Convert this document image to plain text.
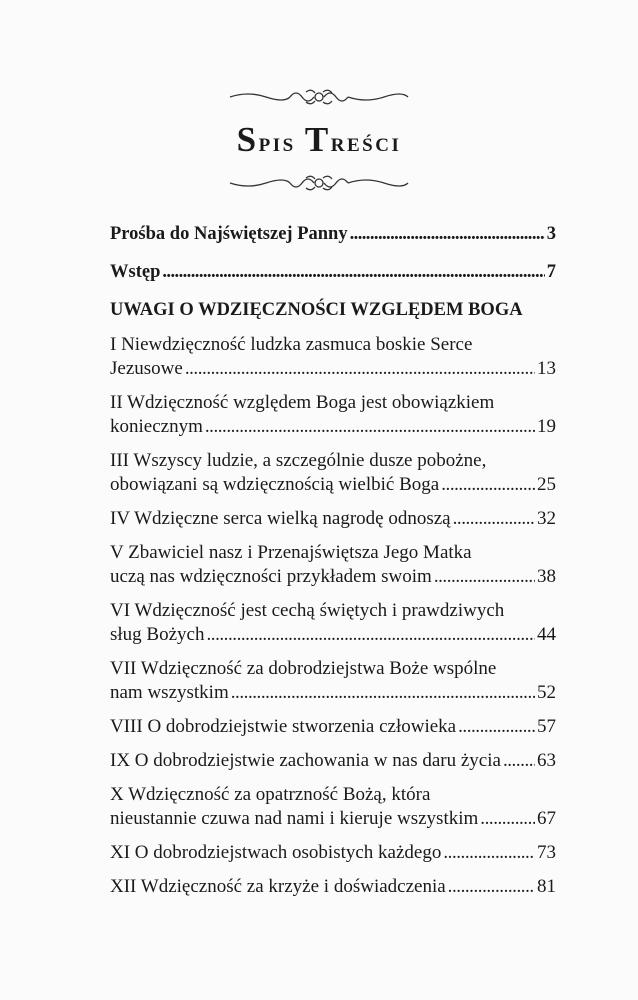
Spis Treści
Prośba do Najświętszej Panny . . .	3
Wstęp . . .	7
UWAGI O WDZIĘCZNOŚCI WZGLĘDEM BOGA
I Niewdzięczność ludzka zasmuca boskie Serce
Jezusowe . . .	13
II Wdzięczność względem Boga jest obowiązkiem
koniecznym . . .	19
III Wszyscy ludzie, a szczególnie dusze pobożne,
obowiązani są wdzięcznością wielbić Boga . . .	25
IV Wdzięczne serca wielką nagrodę odnoszą . . .	32
V Zbawiciel nasz i Przenajświętsza Jego Matka
uczą nas wdzięczności przykładem swoim . . .	38
VI Wdzięczność jest cechą świętych i prawdziwych
sług Bożych . . .	44
VII Wdzięczność za dobrodziejstwa Boże wspólne
nam wszystkim . . .	52
VIII O dobrodziejstwie stworzenia człowieka . . .	57
IX O dobrodziejstwie zachowania w nas daru życia . . . 63
X Wdzięczność za opatrzność Bożą, która
nieustannie czuwa nad nami i kieruje wszystkim . . .	67
XI O dobrodziejstwach osobistych każdego . . .	73
XII Wdzięczność za krzyże i doświadczenia . . .	81
